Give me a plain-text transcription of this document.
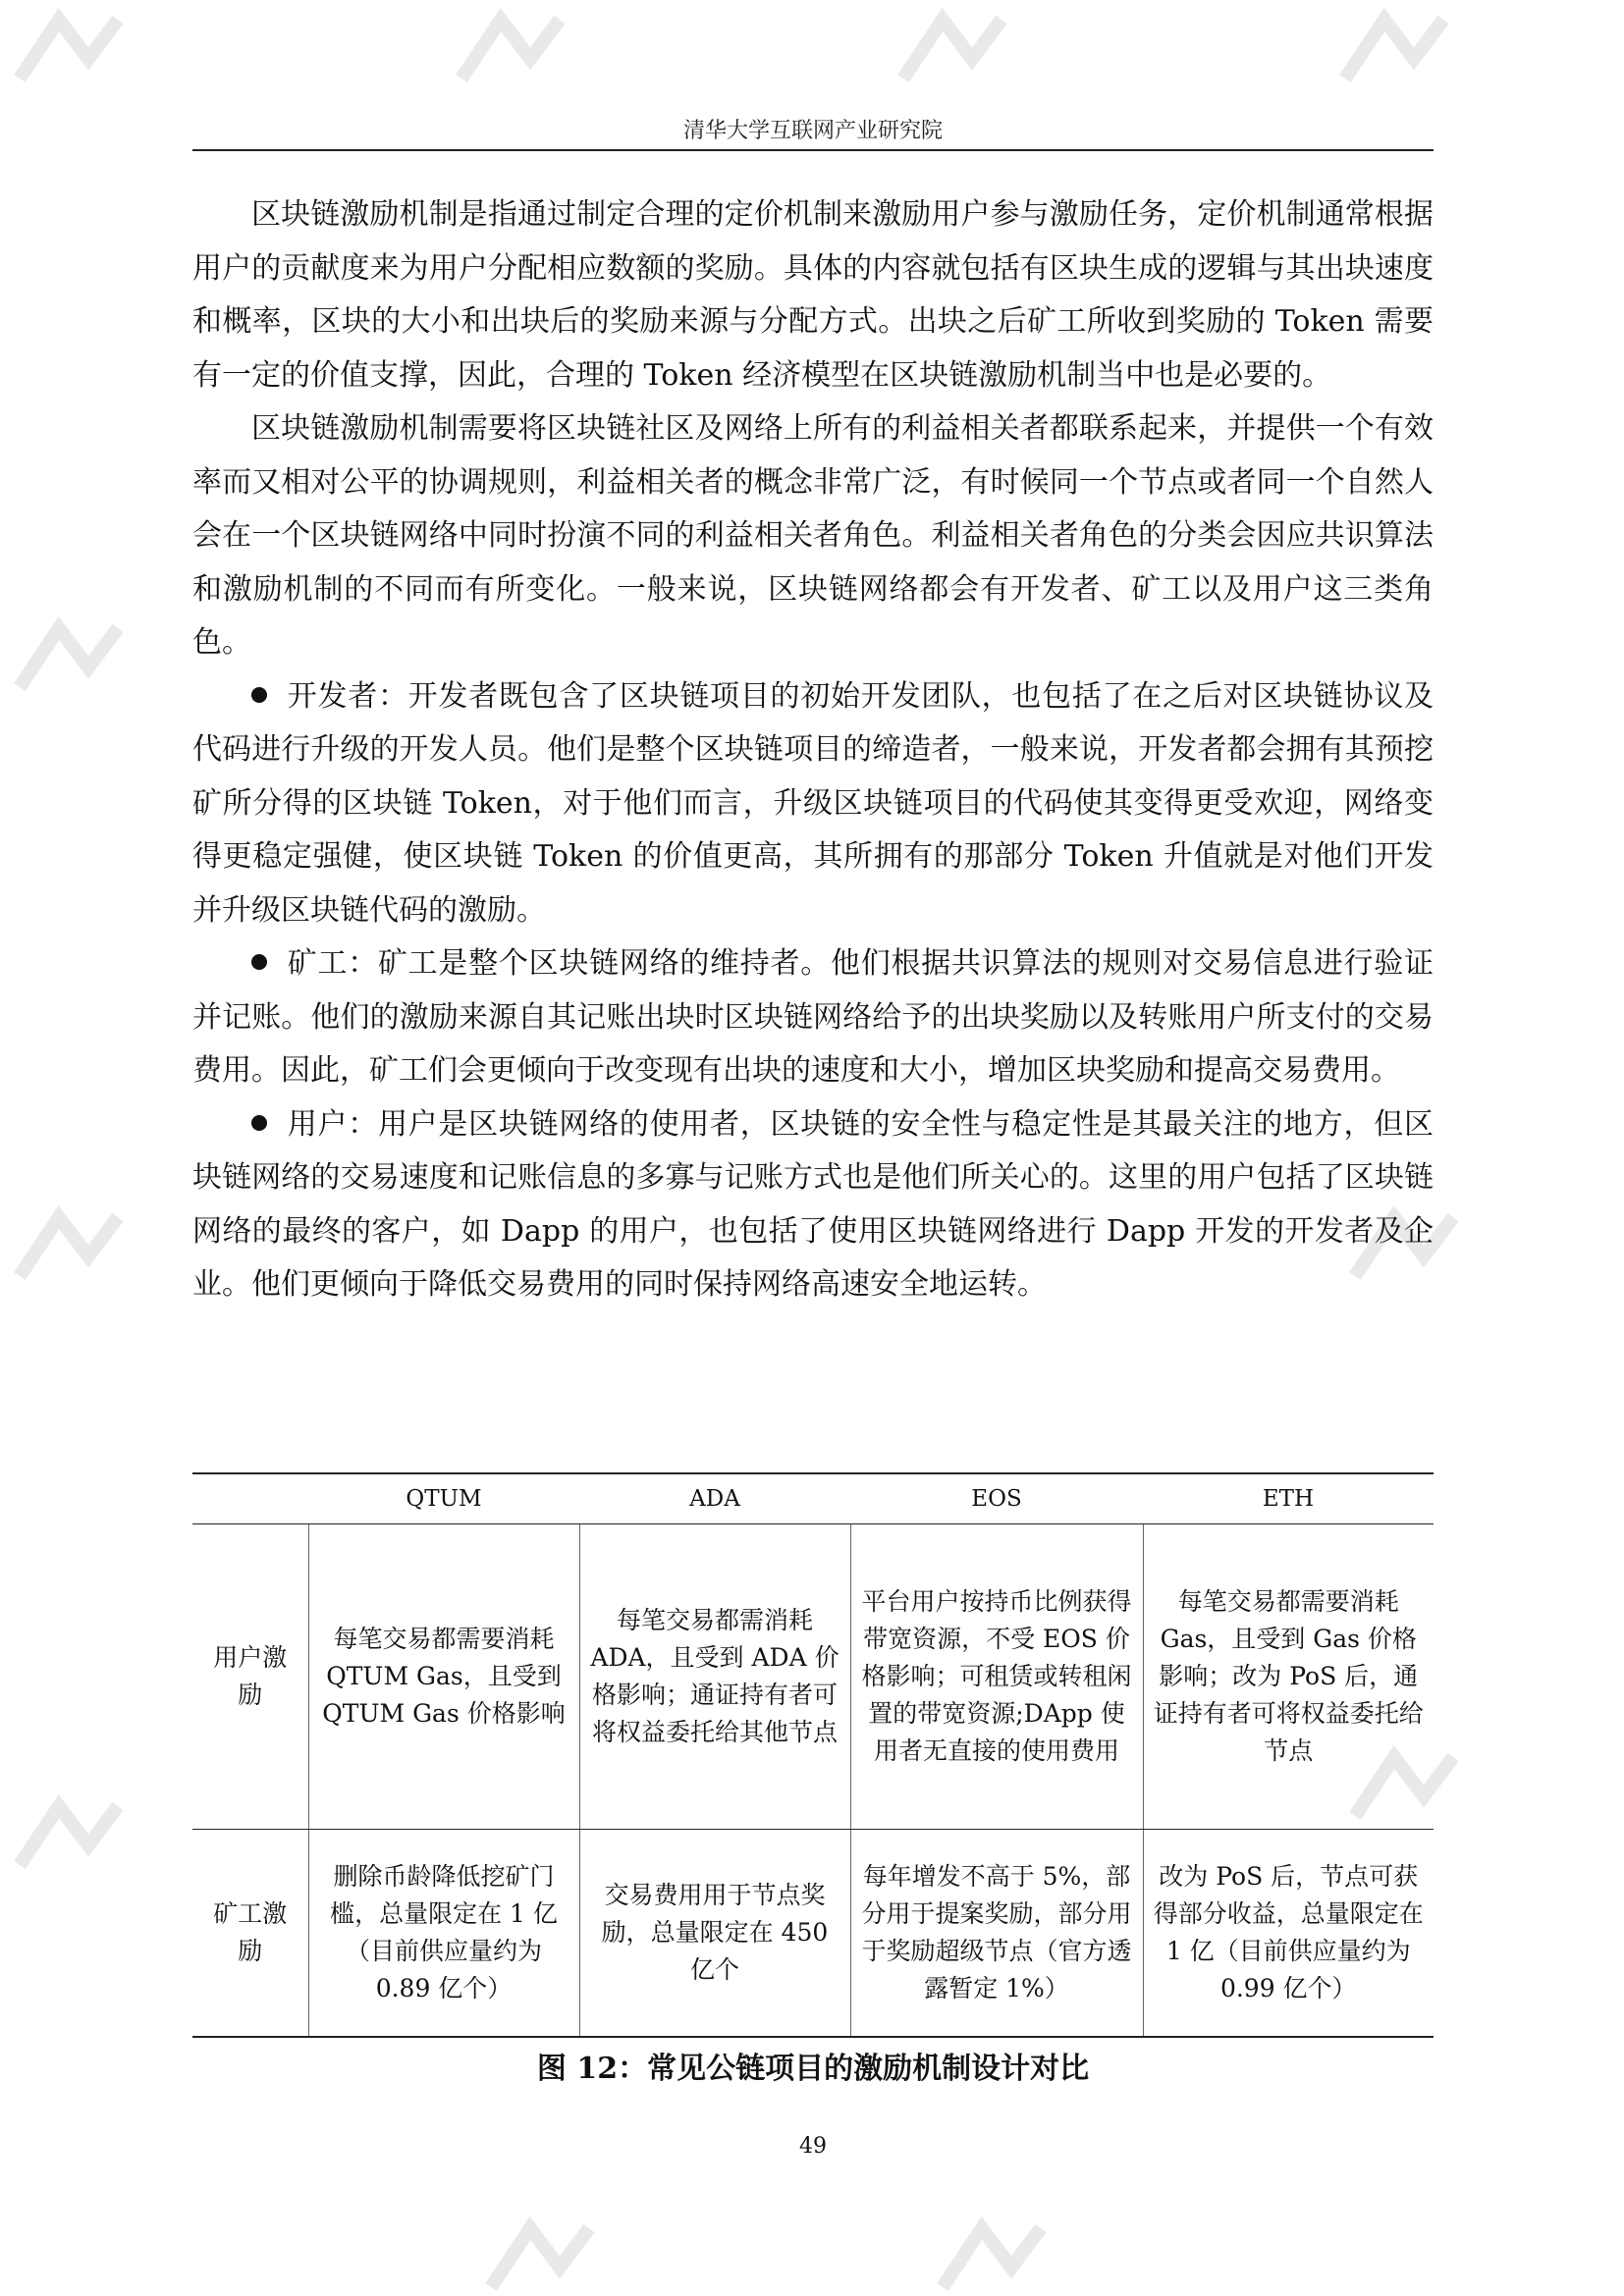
清华大学互联网产业研究院

区块链激励机制是指通过制定合理的定价机制来激励用户参与激励任务，定价机制通常根据用户的贡献度来为用户分配相应数额的奖励。具体的内容就包括有区块生成的逻辑与其出块速度和概率，区块的大小和出块后的奖励来源与分配方式。出块之后矿工所收到奖励的 Token 需要有一定的价值支撑，因此，合理的 Token 经济模型在区块链激励机制当中也是必要的。

区块链激励机制需要将区块链社区及网络上所有的利益相关者都联系起来，并提供一个有效率而又相对公平的协调规则，利益相关者的概念非常广泛，有时候同一个节点或者同一个自然人会在一个区块链网络中同时扮演不同的利益相关者角色。利益相关者角色的分类会因应共识算法和激励机制的不同而有所变化。一般来说，区块链网络都会有开发者、矿工以及用户这三类角色。

开发者：开发者既包含了区块链项目的初始开发团队，也包括了在之后对区块链协议及代码进行升级的开发人员。他们是整个区块链项目的缔造者，一般来说，开发者都会拥有其预挖矿所分得的区块链 Token，对于他们而言，升级区块链项目的代码使其变得更受欢迎，网络变得更稳定强健，使区块链 Token 的价值更高，其所拥有的那部分 Token 升值就是对他们开发并升级区块链代码的激励。

矿工：矿工是整个区块链网络的维持者。他们根据共识算法的规则对交易信息进行验证并记账。他们的激励来源自其记账出块时区块链网络给予的出块奖励以及转账用户所支付的交易费用。因此，矿工们会更倾向于改变现有出块的速度和大小，增加区块奖励和提高交易费用。

用户：用户是区块链网络的使用者，区块链的安全性与稳定性是其最关注的地方，但区块链网络的交易速度和记账信息的多寡与记账方式也是他们所关心的。这里的用户包括了区块链网络的最终的客户，如 Dapp 的用户，也包括了使用区块链网络进行 Dapp 开发的开发者及企业。他们更倾向于降低交易费用的同时保持网络高速安全地运转。

	QTUM	ADA	EOS	ETH
用户激励	每笔交易都需要消耗 QTUM Gas，且受到 QTUM Gas 价格影响	每笔交易都需消耗 ADA，且受到 ADA 价格影响；通证持有者可将权益委托给其他节点	平台用户按持币比例获得带宽资源，不受 EOS 价格影响；可租赁或转租闲置的带宽资源;DApp 使用者无直接的使用费用	每笔交易都需要消耗 Gas，且受到 Gas 价格影响；改为 PoS 后，通证持有者可将权益委托给节点
矿工激励	删除币龄降低挖矿门槛，总量限定在 1 亿（目前供应量约为 0.89 亿个）	交易费用用于节点奖励，总量限定在 450 亿个	每年增发不高于 5%，部分用于提案奖励，部分用于奖励超级节点（官方透露暂定 1%）	改为 PoS 后，节点可获得部分收益，总量限定在 1 亿（目前供应量约为 0.99 亿个）
图 12：常见公链项目的激励机制设计对比
49
